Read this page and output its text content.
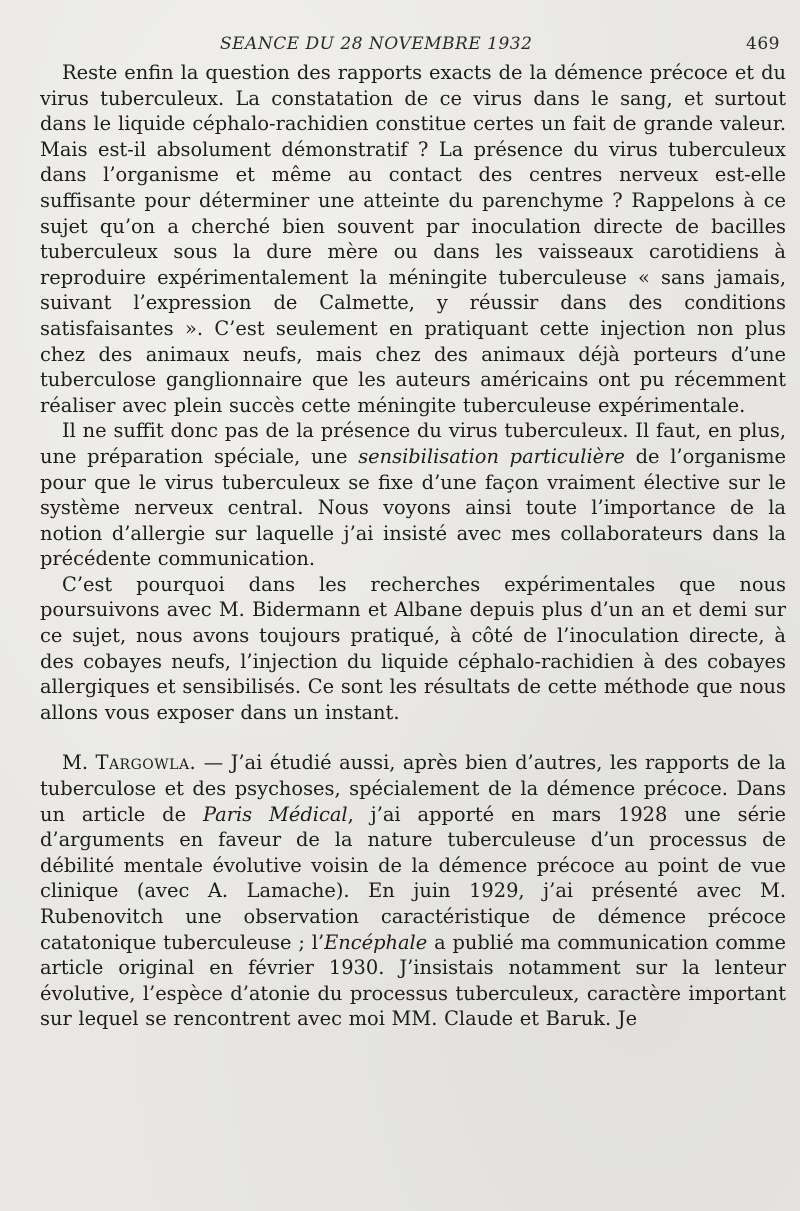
SEANCE DU 28 NOVEMBRE 1932	469

Reste enfin la question des rapports exacts de la démence précoce et du virus tuberculeux. La constatation de ce virus dans le sang, et surtout dans le liquide céphalo-rachidien constitue certes un fait de grande valeur. Mais est-il absolument démonstratif ? La présence du virus tuberculeux dans l’organisme et même au contact des centres nerveux est-elle suffisante pour déterminer une atteinte du parenchyme ? Rappelons à ce sujet qu’on a cherché bien souvent par inoculation directe de bacilles tuberculeux sous la dure mère ou dans les vaisseaux carotidiens à reproduire expérimentalement la méningite tuberculeuse « sans jamais, suivant l’expression de Calmette, y réussir dans des conditions satisfaisantes ». C’est seulement en pratiquant cette injection non plus chez des animaux neufs, mais chez des animaux déjà porteurs d’une tuberculose ganglionnaire que les auteurs américains ont pu récemment réaliser avec plein succès cette méningite tuberculeuse expérimentale.

Il ne suffit donc pas de la présence du virus tuberculeux. Il faut, en plus, une préparation spéciale, une sensibilisation particulière de l’organisme pour que le virus tuberculeux se fixe d’une façon vraiment élective sur le système nerveux central. Nous voyons ainsi toute l’importance de la notion d’allergie sur laquelle j’ai insisté avec mes collaborateurs dans la précédente communication.

C’est pourquoi dans les recherches expérimentales que nous poursuivons avec M. Bidermann et Albane depuis plus d’un an et demi sur ce sujet, nous avons toujours pratiqué, à côté de l’inoculation directe, à des cobayes neufs, l’injection du liquide céphalo-rachidien à des cobayes allergiques et sensibilisés. Ce sont les résultats de cette méthode que nous allons vous exposer dans un instant.

M. Targowla. — J’ai étudié aussi, après bien d’autres, les rapports de la tuberculose et des psychoses, spécialement de la démence précoce. Dans un article de Paris Médical, j’ai apporté en mars 1928 une série d’arguments en faveur de la nature tuberculeuse d’un processus de débilité mentale évolutive voisin de la démence précoce au point de vue clinique (avec A. Lamache). En juin 1929, j’ai présenté avec M. Rubenovitch une observation caractéristique de démence précoce catatonique tuberculeuse ; l’Encéphale a publié ma communication comme article original en février 1930. J’insistais notamment sur la lenteur évolutive, l’espèce d’atonie du processus tuberculeux, caractère important sur lequel se rencontrent avec moi MM. Claude et Baruk. Je
